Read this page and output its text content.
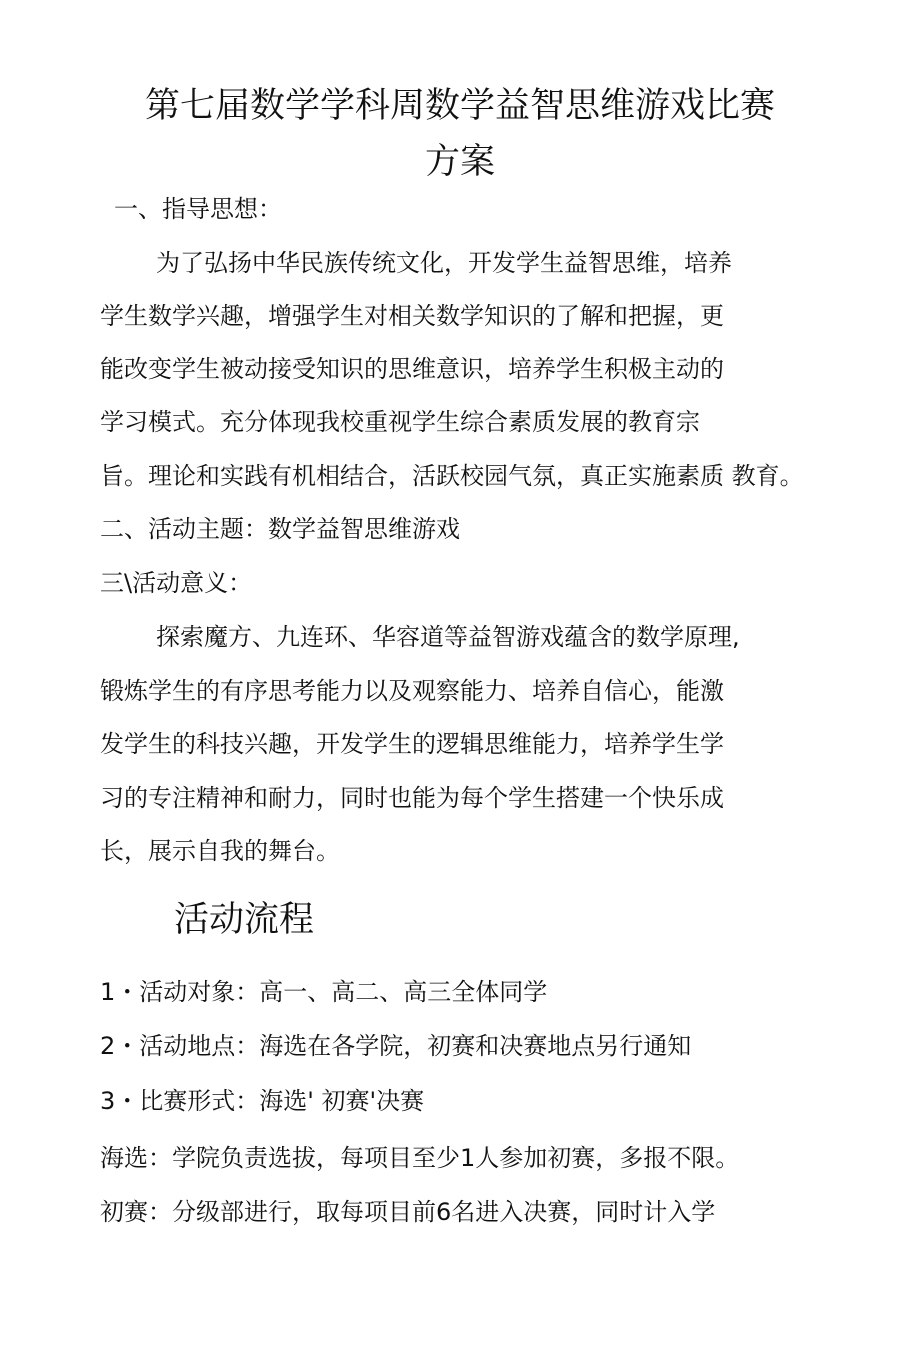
第七届数学学科周数学益智思维游戏比赛
方案

一、指导思想：

为了弘扬中华民族传统文化，开发学生益智思维，培养

学生数学兴趣，增强学生对相关数学知识的了解和把握，更

能改变学生被动接受知识的思维意识，培养学生积极主动的

学习模式。充分体现我校重视学生综合素质发展的教育宗

旨。理论和实践有机相结合，活跃校园气氛，真正实施素质 教育。

二、活动主题：数学益智思维游戏

三\活动意义：

探索魔方、九连环、华容道等益智游戏蕴含的数学原理,

锻炼学生的有序思考能力以及观察能力、培养自信心，能激

发学生的科技兴趣，开发学生的逻辑思维能力，培养学生学

习的专注精神和耐力，同时也能为每个学生搭建一个快乐成

长，展示自我的舞台。

活动流程

1・活动对象：高一、高二、高三全体同学

2・活动地点：海选在各学院，初赛和决赛地点另行通知

3・比赛形式：海选' 初赛'决赛

海选：学院负责选拔，每项目至少1人参加初赛，多报不限。

初赛：分级部进行，取每项目前6名进入决赛，同时计入学
